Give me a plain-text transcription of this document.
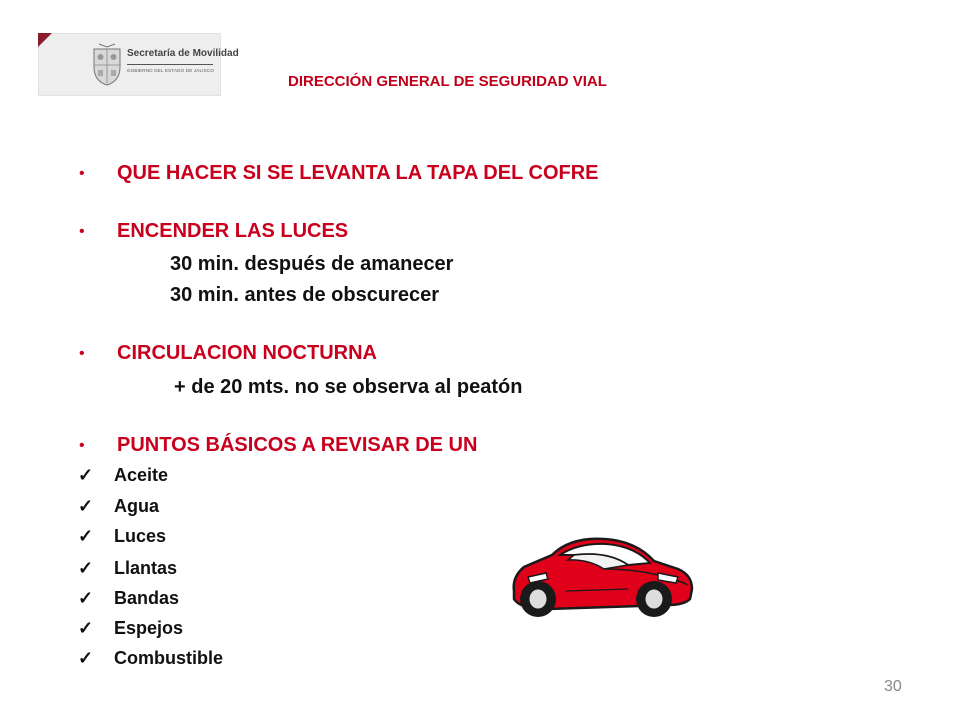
Secretaría de Movilidad
GOBIERNO DEL ESTADO DE JALISCO
DIRECCIÓN GENERAL DE SEGURIDAD VIAL
• QUE HACER SI SE LEVANTA LA TAPA DEL COFRE
• ENCENDER LAS LUCES
30 min. después de amanecer
30 min. antes de obscurecer
• CIRCULACION NOCTURNA
+ de 20 mts. no se observa al peatón
• PUNTOS BÁSICOS A REVISAR DE UN
✓ Aceite
✓ Agua
✓ Luces
✓ Llantas
✓ Bandas
✓ Espejos
✓ Combustible
30
